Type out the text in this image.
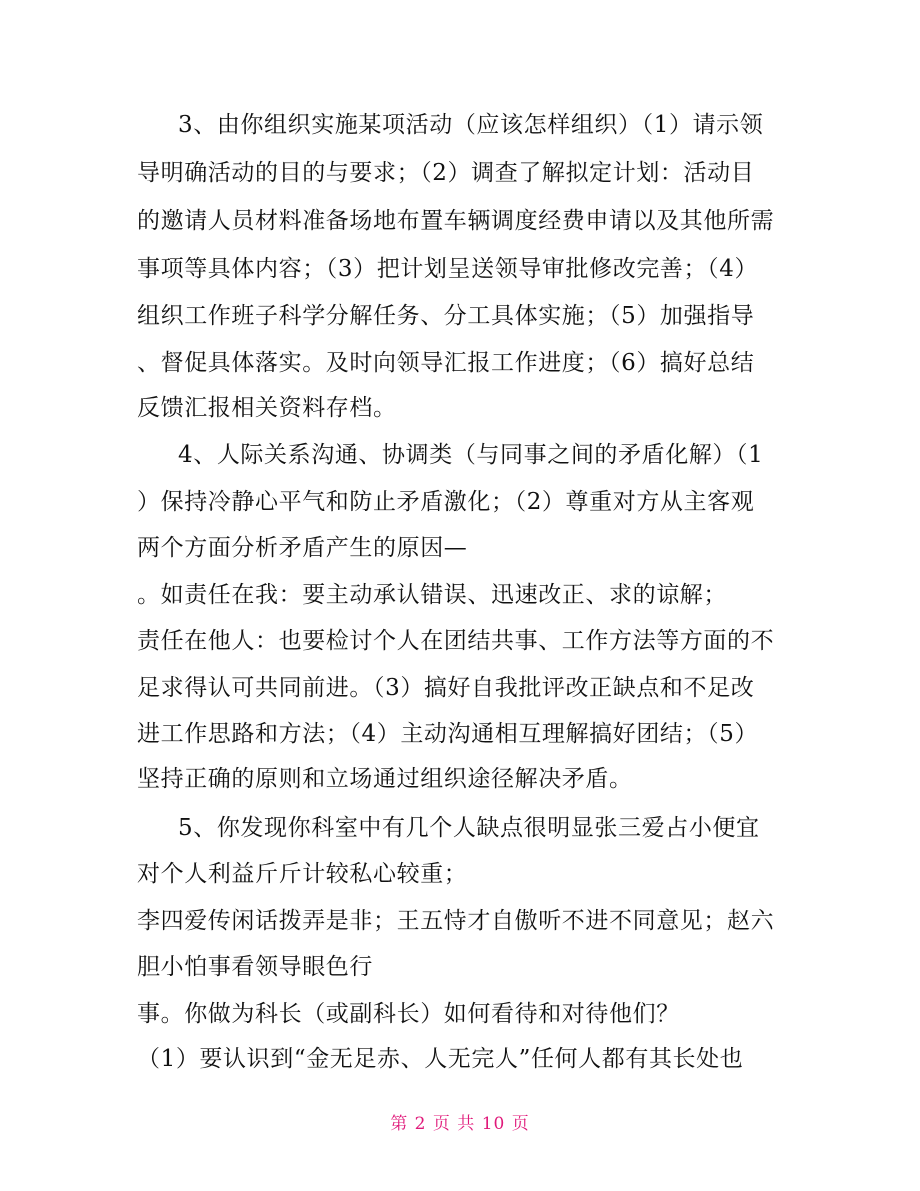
3、由你组织实施某项活动（应该怎样组织）（1）请示领
导明确活动的目的与要求；（2）调查了解拟定计划：活动目
的邀请人员材料准备场地布置车辆调度经费申请以及其他所需
事项等具体内容；（3）把计划呈送领导审批修改完善；（4）
组织工作班子科学分解任务、分工具体实施；（5）加强指导
、督促具体落实。及时向领导汇报工作进度；（6）搞好总结
反馈汇报相关资料存档。
4、人际关系沟通、协调类（与同事之间的矛盾化解）（1
）保持冷静心平气和防止矛盾激化；（2）尊重对方从主客观
两个方面分析矛盾产生的原因—
。如责任在我：要主动承认错误、迅速改正、求的谅解；
责任在他人：也要检讨个人在团结共事、工作方法等方面的不
足求得认可共同前进。（3）搞好自我批评改正缺点和不足改
进工作思路和方法；（4）主动沟通相互理解搞好团结；（5）
坚持正确的原则和立场通过组织途径解决矛盾。
5、你发现你科室中有几个人缺点很明显张三爱占小便宜
对个人利益斤斤计较私心较重；
李四爱传闲话拨弄是非；王五恃才自傲听不进不同意见；赵六
胆小怕事看领导眼色行
事。你做为科长（或副科长）如何看待和对待他们？
（1）要认识到“金无足赤、人无完人”任何人都有其长处也
第 2 页 共 10 页
